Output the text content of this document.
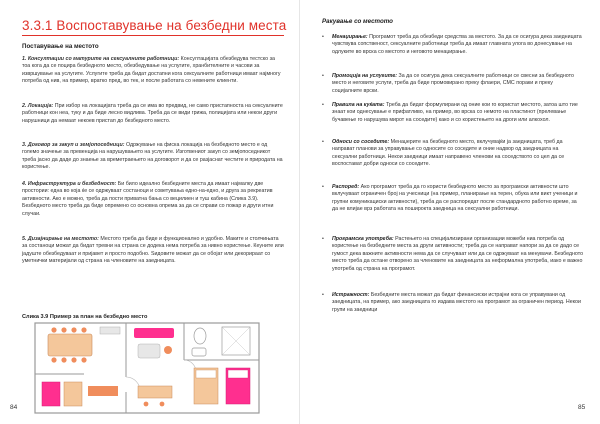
3.3.1 Воспоставување на безбедни места
Поставување на местото
1. Консултации со матурите на сексуалните работници: Консултацијата обезбедува тестско за тоа кога да се поцира безбедното место, обезбедување на услугите, хранбителните и часови за извршување на услугите. Услугите треба да бидат достапни кога сексуалните работници имаат најмногу потреба од нив, на пример, вратко пред, во тек, и после работата со невените клиенти.
2. Локација: При избор на локацијата треба да се има во предвид, не само пристапноста на сексуалните работници кон неа, туку и да биде лесно видлива. Треба да се види грижа, полицијата или некои други нарушници да немаат некоев пристап до безбедното место.
3. Договор за закуп и земјопоседници: Одржување на фиска локација на безбедното место е од големо значење за превенција на нарушувањето на услугите. Изготвениот закуп со земјопоседникот треба јасно да даде до знаење за времетраењето на договорот и да се разјаснат честите и природата на користење.
4. Инфраструктура и безбедност: Би било идеално безбедните места да имаат најмалку две простории: една во која ќе се одржуваат состаноци и советувања едно-на-едно, и друга за рекреатив активности. Ако е можно, треба да пости приватна бања со вецилиен и туш кабина (Слика 3.9). Безбедното место треба да биде опремено со основна опрема за да се справи со пожар и други итни случаи.
5. Дизајнирање на местото: Местото треба да биде и функционално и удобно. Маките и столчињата за состаноци можат да бидат тревни на страна се додека нема потреба за нивно користење. Кеуните или јадуште обезбедуваат и пријавет и просто подобно. Ѕидовите можат да се обојат или декорираат со уметнички материјали од страна на членовите на заедницата.
Слика 3.9 Пример за план на безбедно место
84
Ракување со местото
• Менаџирање: Програмот треба да обезбеди средства за местото. За да се осигура дека заедницата чувствува сопственост, сексуалните работници треба да имаат главната улога во донесување на одлуките во врска со местото и неговото менаџирање.
• Промоција на услугите: За да се осигура дека сексуалните работници се свесни за безбедното место и неговите услуги, треба да биде промовирано преку флаери, СМС пораки и преку социјалните врски.
• Правила на куќата: Треба да бидат формулирани од оние кои го користат местото, затоа што тие знаат кои однесување е прифатливо, на пример, во врска со немото на пластинот (прелевање бучавење го нарушува мирот на соседите) како и со користењето на дроги или алкохол.
• Односи со соседите: Менаџерите на безбедното место, вклучувајќи ја заедницата, треб да направат планови за управување со односите со соседите и оние надвор од заедницата на сексуални работници. Некои заедници имаат направено членови на соседството со цел да се воспостават добри односи со соседите.
• Распоред: Ако програмот треба да го користи безбедното место за програмски активности што вклучуваат ограничен број на учесници (на пример, планирање на терен, обука или викт ученици и групни комуникациски активности), треба да се распоредат после стандардното работно време, за да не влијае врз работата на поширокта заедница на сексуални работници.
• Програмска употреба: Растењето на специјализирани организации можеби ниа потреба од користење на безбедните места за други активности; треба да се направат напори за да се дадо се гумост дека важните активности нема да се случуваат или да се одржуваат на менувачи. Безбедното место треба да остане отворено за членовите на заедницата за неформална употреба, иако е важно употреба од страна на програмот.
• Истражност: Безбедните места можат да бидат финансиски истрајни кога се управувани од заедницата, на пример, ако заедницата го издава местото на програмот за ограничен период. Некои групи на заедници
85
